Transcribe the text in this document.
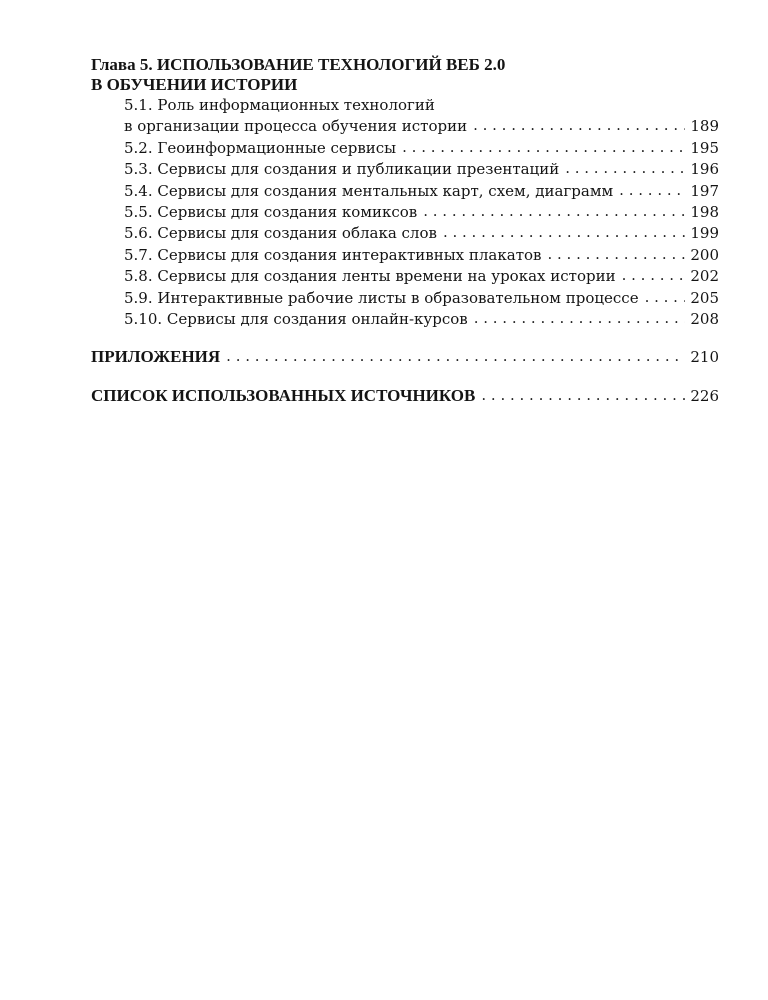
Глава 5. ИСПОЛЬЗОВАНИЕ ТЕХНОЛОГИЙ ВЕБ 2.0
В ОБУЧЕНИИ ИСТОРИИ
5.1. Роль информационных технологий
в организации процесса обучения истории . . .	189
5.2. Геоинформационные сервисы . . .	195
5.3. Сервисы для создания и публикации презентаций . . .	196
5.4. Сервисы для создания ментальных карт, схем, диаграмм . . .	197
5.5. Сервисы для создания комиксов . . .	198
5.6. Сервисы для создания облака слов . . .	199
5.7. Сервисы для создания интерактивных плакатов . . .	200
5.8. Сервисы для создания ленты времени на уроках истории . . .	202
5.9. Интерактивные рабочие листы в образовательном процессе . . .	205
5.10. Сервисы для создания онлайн-курсов . . .	208
ПРИЛОЖЕНИЯ . . .	210
СПИСОК ИСПОЛЬЗОВАННЫХ ИСТОЧНИКОВ . . .	226
